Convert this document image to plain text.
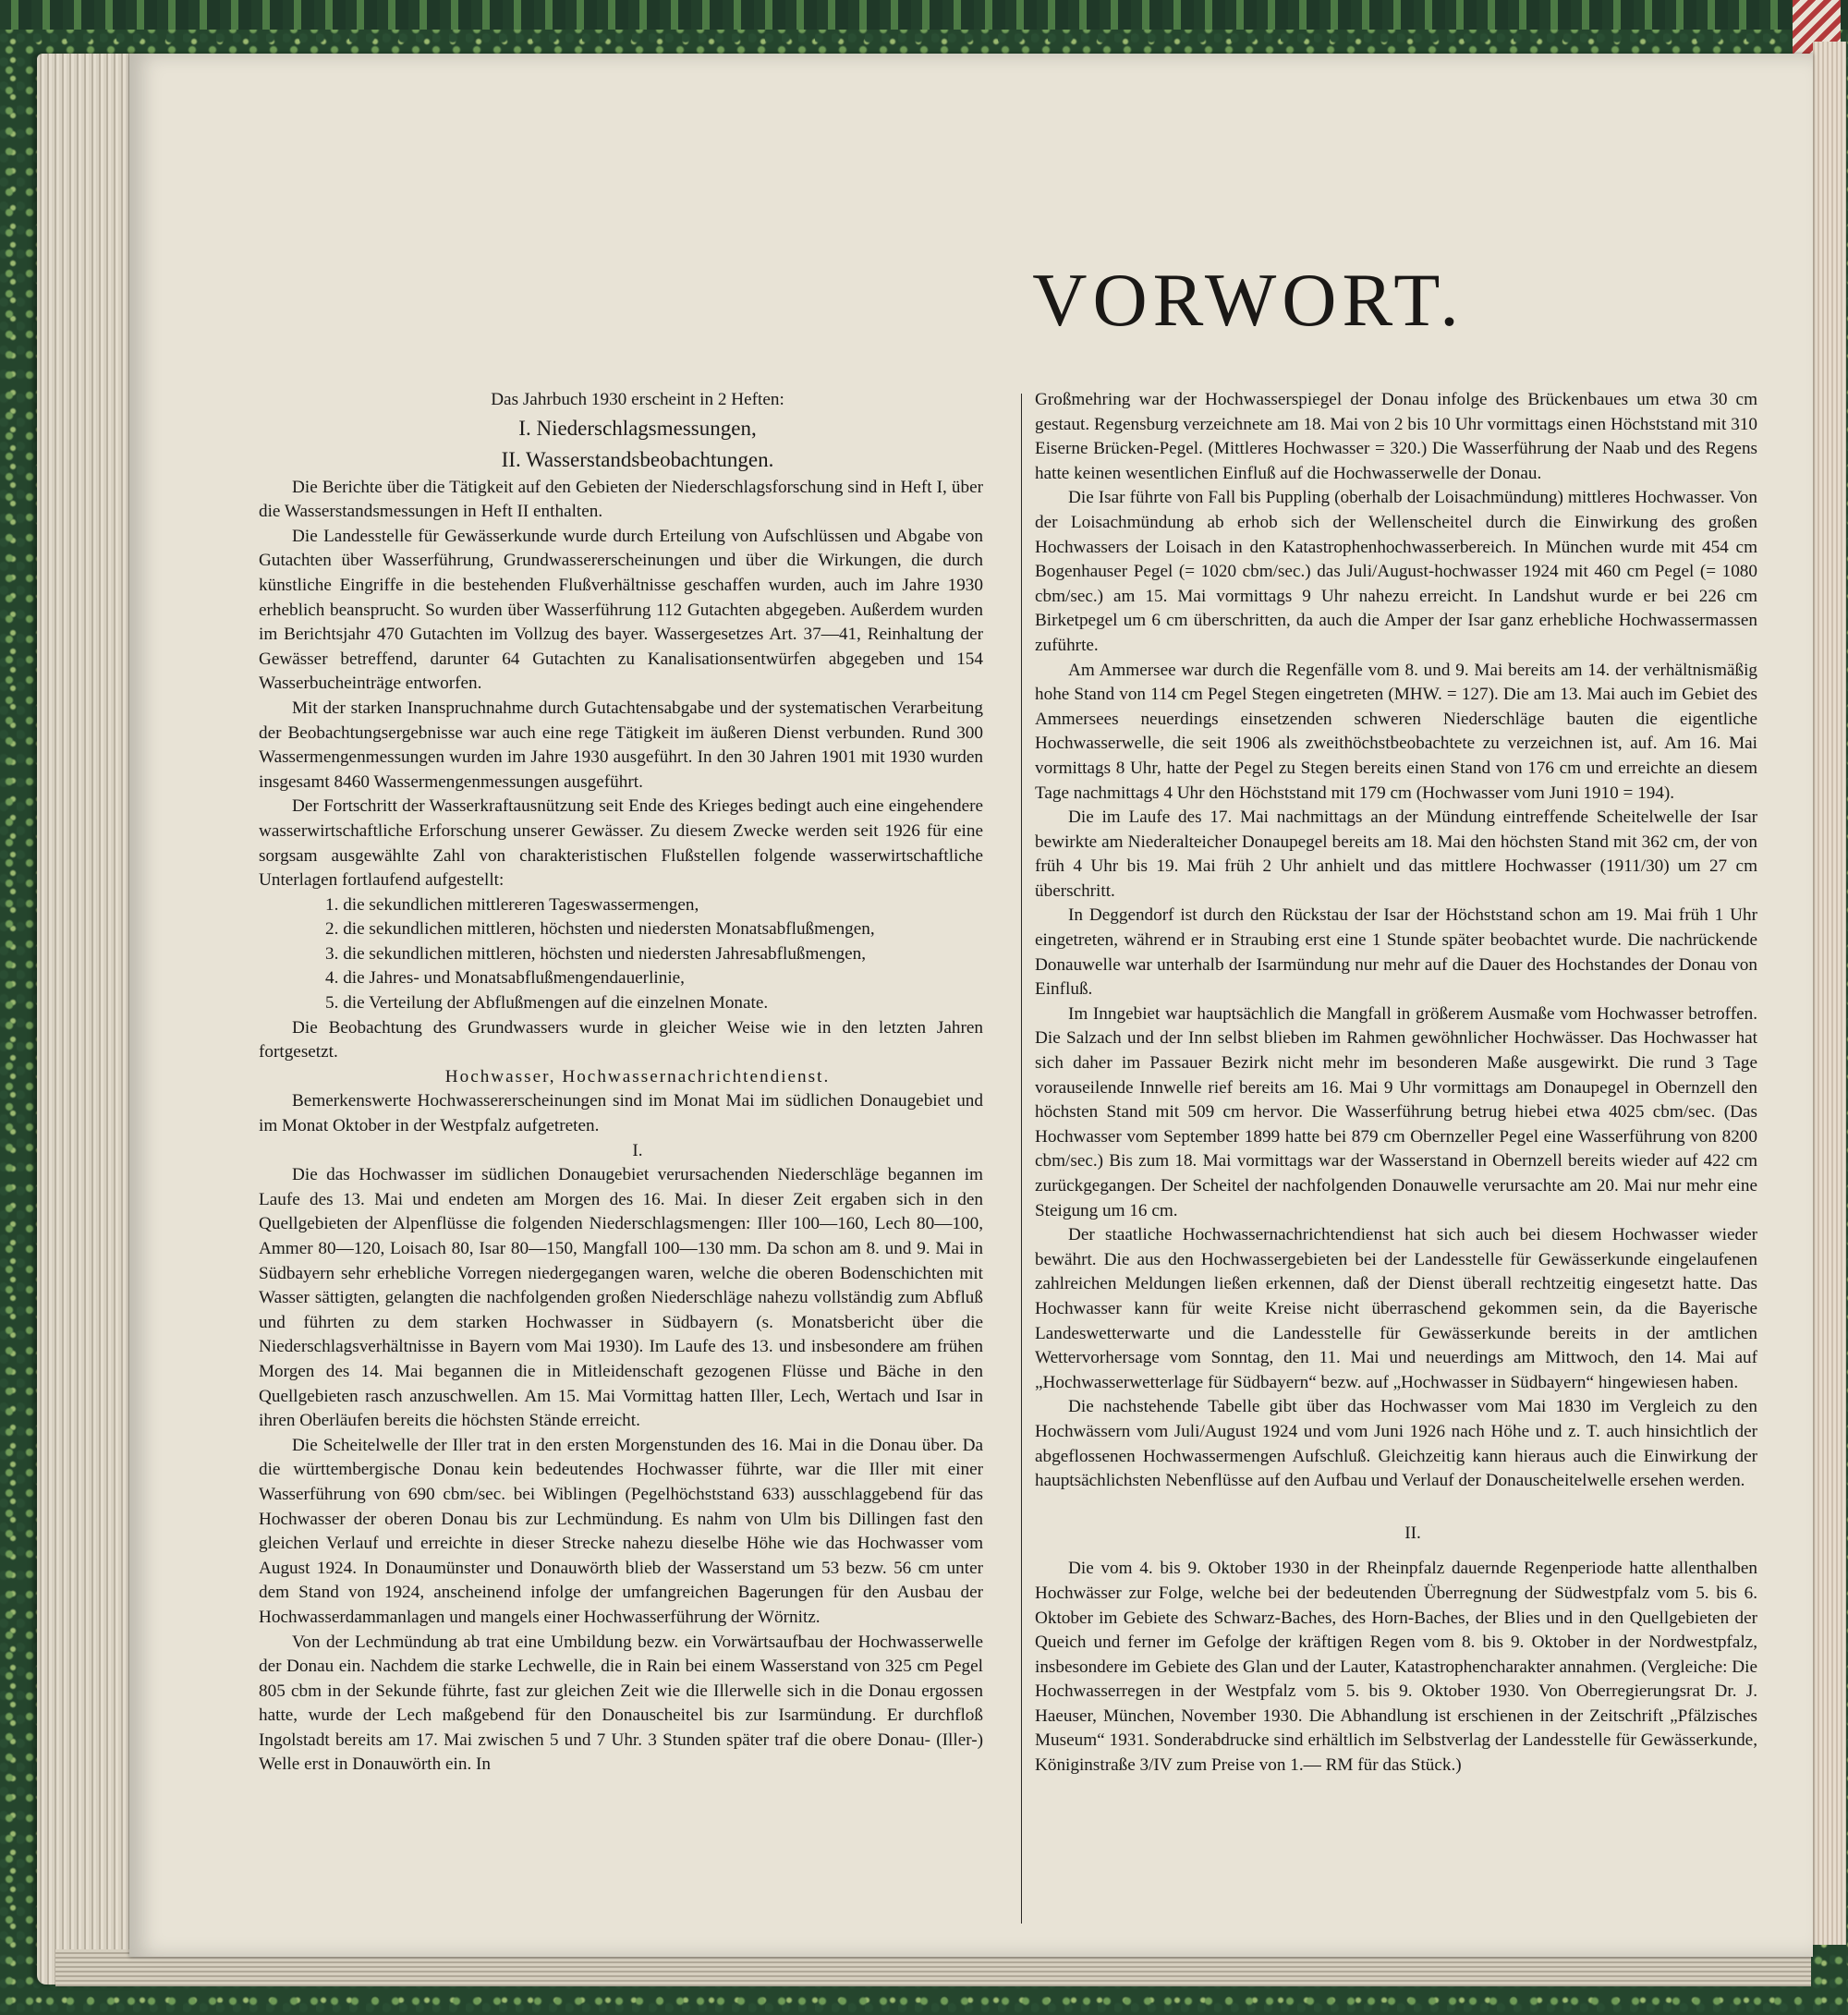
VORWORT.

Das Jahrbuch 1930 erscheint in 2 Heften:

I. Niederschlagsmessungen,

II. Wasserstandsbeobachtungen.

Die Berichte über die Tätigkeit auf den Gebieten der Niederschlagsforschung sind in Heft I, über die Wasserstandsmessungen in Heft II enthalten.

Die Landesstelle für Gewässerkunde wurde durch Erteilung von Aufschlüssen und Abgabe von Gutachten über Wasserführung, Grundwassererscheinungen und über die Wirkungen, die durch künstliche Eingriffe in die bestehenden Flußverhältnisse geschaffen wurden, auch im Jahre 1930 erheblich beansprucht. So wurden über Wasserführung 112 Gutachten abgegeben. Außerdem wurden im Berichtsjahr 470 Gutachten im Vollzug des bayer. Wassergesetzes Art. 37—41, Reinhaltung der Gewässer betreffend, darunter 64 Gutachten zu Kanalisationsentwürfen abgegeben und 154 Wasserbucheinträge entworfen.

Mit der starken Inanspruchnahme durch Gutachtensabgabe und der systematischen Verarbeitung der Beobachtungsergebnisse war auch eine rege Tätigkeit im äußeren Dienst verbunden. Rund 300 Wassermengenmessungen wurden im Jahre 1930 ausgeführt. In den 30 Jahren 1901 mit 1930 wurden insgesamt 8460 Wassermengenmessungen ausgeführt.

Der Fortschritt der Wasserkraftausnützung seit Ende des Krieges bedingt auch eine eingehendere wasserwirtschaftliche Erforschung unserer Gewässer. Zu diesem Zwecke werden seit 1926 für eine sorgsam ausgewählte Zahl von charakteristischen Flußstellen folgende wasserwirtschaftliche Unterlagen fortlaufend aufgestellt:

1. die sekundlichen mittlereren Tageswassermengen,
2. die sekundlichen mittleren, höchsten und niedersten Monatsabflußmengen,
3. die sekundlichen mittleren, höchsten und niedersten Jahresabflußmengen,
4. die Jahres- und Monatsabflußmengendauerlinie,
5. die Verteilung der Abflußmengen auf die einzelnen Monate.

Die Beobachtung des Grundwassers wurde in gleicher Weise wie in den letzten Jahren fortgesetzt.

Hochwasser, Hochwassernachrichtendienst.

Bemerkenswerte Hochwassererscheinungen sind im Monat Mai im südlichen Donaugebiet und im Monat Oktober in der Westpfalz aufgetreten.

I.

Die das Hochwasser im südlichen Donaugebiet verursachenden Niederschläge begannen im Laufe des 13. Mai und endeten am Morgen des 16. Mai. In dieser Zeit ergaben sich in den Quellgebieten der Alpenflüsse die folgenden Niederschlagsmengen: Iller 100—160, Lech 80—100, Ammer 80—120, Loisach 80, Isar 80—150, Mangfall 100—130 mm. Da schon am 8. und 9. Mai in Südbayern sehr erhebliche Vorregen niedergegangen waren, welche die oberen Bodenschichten mit Wasser sättigten, gelangten die nachfolgenden großen Niederschläge nahezu vollständig zum Abfluß und führten zu dem starken Hochwasser in Südbayern (s. Monatsbericht über die Niederschlagsverhältnisse in Bayern vom Mai 1930). Im Laufe des 13. und insbesondere am frühen Morgen des 14. Mai begannen die in Mitleidenschaft gezogenen Flüsse und Bäche in den Quellgebieten rasch anzuschwellen. Am 15. Mai Vormittag hatten Iller, Lech, Wertach und Isar in ihren Oberläufen bereits die höchsten Stände erreicht.

Die Scheitelwelle der Iller trat in den ersten Morgenstunden des 16. Mai in die Donau über. Da die württembergische Donau kein bedeutendes Hochwasser führte, war die Iller mit einer Wasserführung von 690 cbm/sec. bei Wiblingen (Pegelhöchststand 633) ausschlaggebend für das Hochwasser der oberen Donau bis zur Lechmündung. Es nahm von Ulm bis Dillingen fast den gleichen Verlauf und erreichte in dieser Strecke nahezu dieselbe Höhe wie das Hochwasser vom August 1924. In Donaumünster und Donauwörth blieb der Wasserstand um 53 bezw. 56 cm unter dem Stand von 1924, anscheinend infolge der umfangreichen Bagerungen für den Ausbau der Hochwasserdammanlagen und mangels einer Hochwasserführung der Wörnitz.

Von der Lechmündung ab trat eine Umbildung bezw. ein Vorwärtsaufbau der Hochwasserwelle der Donau ein. Nachdem die starke Lechwelle, die in Rain bei einem Wasserstand von 325 cm Pegel 805 cbm in der Sekunde führte, fast zur gleichen Zeit wie die Illerwelle sich in die Donau ergossen hatte, wurde der Lech maßgebend für den Donauscheitel bis zur Isarmündung. Er durchfloß Ingolstadt bereits am 17. Mai zwischen 5 und 7 Uhr. 3 Stunden später traf die obere Donau- (Iller-) Welle erst in Donauwörth ein. In

Großmehring war der Hochwasserspiegel der Donau infolge des Brückenbaues um etwa 30 cm gestaut. Regensburg verzeichnete am 18. Mai von 2 bis 10 Uhr vormittags einen Höchststand mit 310 Eiserne Brücken-Pegel. (Mittleres Hochwasser = 320.) Die Wasserführung der Naab und des Regens hatte keinen wesentlichen Einfluß auf die Hochwasserwelle der Donau.

Die Isar führte von Fall bis Puppling (oberhalb der Loisachmündung) mittleres Hochwasser. Von der Loisachmündung ab erhob sich der Wellenscheitel durch die Einwirkung des großen Hochwassers der Loisach in den Katastrophenhochwasserbereich. In München wurde mit 454 cm Bogenhauser Pegel (= 1020 cbm/sec.) das Juli/August-hochwasser 1924 mit 460 cm Pegel (= 1080 cbm/sec.) am 15. Mai vormittags 9 Uhr nahezu erreicht. In Landshut wurde er bei 226 cm Birketpegel um 6 cm überschritten, da auch die Amper der Isar ganz erhebliche Hochwassermassen zuführte.

Am Ammersee war durch die Regenfälle vom 8. und 9. Mai bereits am 14. der verhältnismäßig hohe Stand von 114 cm Pegel Stegen eingetreten (MHW. = 127). Die am 13. Mai auch im Gebiet des Ammersees neuerdings einsetzenden schweren Niederschläge bauten die eigentliche Hochwasserwelle, die seit 1906 als zweithöchstbeobachtete zu verzeichnen ist, auf. Am 16. Mai vormittags 8 Uhr, hatte der Pegel zu Stegen bereits einen Stand von 176 cm und erreichte an diesem Tage nachmittags 4 Uhr den Höchststand mit 179 cm (Hochwasser vom Juni 1910 = 194).

Die im Laufe des 17. Mai nachmittags an der Mündung eintreffende Scheitelwelle der Isar bewirkte am Niederalteicher Donaupegel bereits am 18. Mai den höchsten Stand mit 362 cm, der von früh 4 Uhr bis 19. Mai früh 2 Uhr anhielt und das mittlere Hochwasser (1911/30) um 27 cm überschritt.

In Deggendorf ist durch den Rückstau der Isar der Höchststand schon am 19. Mai früh 1 Uhr eingetreten, während er in Straubing erst eine 1 Stunde später beobachtet wurde. Die nachrückende Donauwelle war unterhalb der Isarmündung nur mehr auf die Dauer des Hochstandes der Donau von Einfluß.

Im Inngebiet war hauptsächlich die Mangfall in größerem Ausmaße vom Hochwasser betroffen. Die Salzach und der Inn selbst blieben im Rahmen gewöhnlicher Hochwässer. Das Hochwasser hat sich daher im Passauer Bezirk nicht mehr im besonderen Maße ausgewirkt. Die rund 3 Tage vorauseilende Innwelle rief bereits am 16. Mai 9 Uhr vormittags am Donaupegel in Obernzell den höchsten Stand mit 509 cm hervor. Die Wasserführung betrug hiebei etwa 4025 cbm/sec. (Das Hochwasser vom September 1899 hatte bei 879 cm Obernzeller Pegel eine Wasserführung von 8200 cbm/sec.) Bis zum 18. Mai vormittags war der Wasserstand in Obernzell bereits wieder auf 422 cm zurückgegangen. Der Scheitel der nachfolgenden Donauwelle verursachte am 20. Mai nur mehr eine Steigung um 16 cm.

Der staatliche Hochwassernachrichtendienst hat sich auch bei diesem Hochwasser wieder bewährt. Die aus den Hochwassergebieten bei der Landesstelle für Gewässerkunde eingelaufenen zahlreichen Meldungen ließen erkennen, daß der Dienst überall rechtzeitig eingesetzt hatte. Das Hochwasser kann für weite Kreise nicht überraschend gekommen sein, da die Bayerische Landeswetterwarte und die Landesstelle für Gewässerkunde bereits in der amtlichen Wettervorhersage vom Sonntag, den 11. Mai und neuerdings am Mittwoch, den 14. Mai auf „Hochwasserwetterlage für Südbayern“ bezw. auf „Hochwasser in Südbayern“ hingewiesen haben.

Die nachstehende Tabelle gibt über das Hochwasser vom Mai 1830 im Vergleich zu den Hochwässern vom Juli/August 1924 und vom Juni 1926 nach Höhe und z. T. auch hinsichtlich der abgeflossenen Hochwassermengen Aufschluß. Gleichzeitig kann hieraus auch die Einwirkung der hauptsächlichsten Nebenflüsse auf den Aufbau und Verlauf der Donauscheitelwelle ersehen werden.

II.

Die vom 4. bis 9. Oktober 1930 in der Rheinpfalz dauernde Regenperiode hatte allenthalben Hochwässer zur Folge, welche bei der bedeutenden Überregnung der Südwestpfalz vom 5. bis 6. Oktober im Gebiete des Schwarz-Baches, des Horn-Baches, der Blies und in den Quellgebieten der Queich und ferner im Gefolge der kräftigen Regen vom 8. bis 9. Oktober in der Nordwestpfalz, insbesondere im Gebiete des Glan und der Lauter, Katastrophencharakter annahmen. (Vergleiche: Die Hochwasserregen in der Westpfalz vom 5. bis 9. Oktober 1930. Von Oberregierungsrat Dr. J. Haeuser, München, November 1930. Die Abhandlung ist erschienen in der Zeitschrift „Pfälzisches Museum“ 1931. Sonderabdrucke sind erhältlich im Selbstverlag der Landesstelle für Gewässerkunde, Königinstraße 3/IV zum Preise von 1.— RM für das Stück.)
